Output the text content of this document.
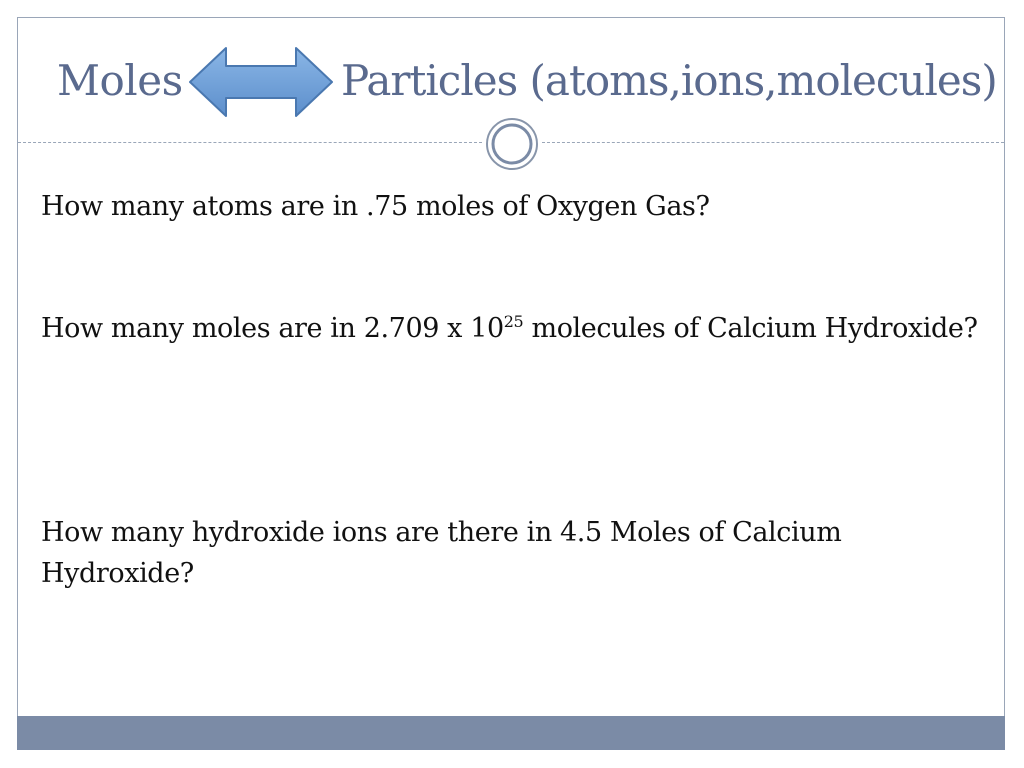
Moles	Particles (atoms,ions,molecules)
How many atoms are in .75 moles of Oxygen Gas?
How many moles are in 2.709 x $10^{25}$ molecules of Calcium Hydroxide?
How many hydroxide ions are there in 4.5 Moles of Calcium Hydroxide?
